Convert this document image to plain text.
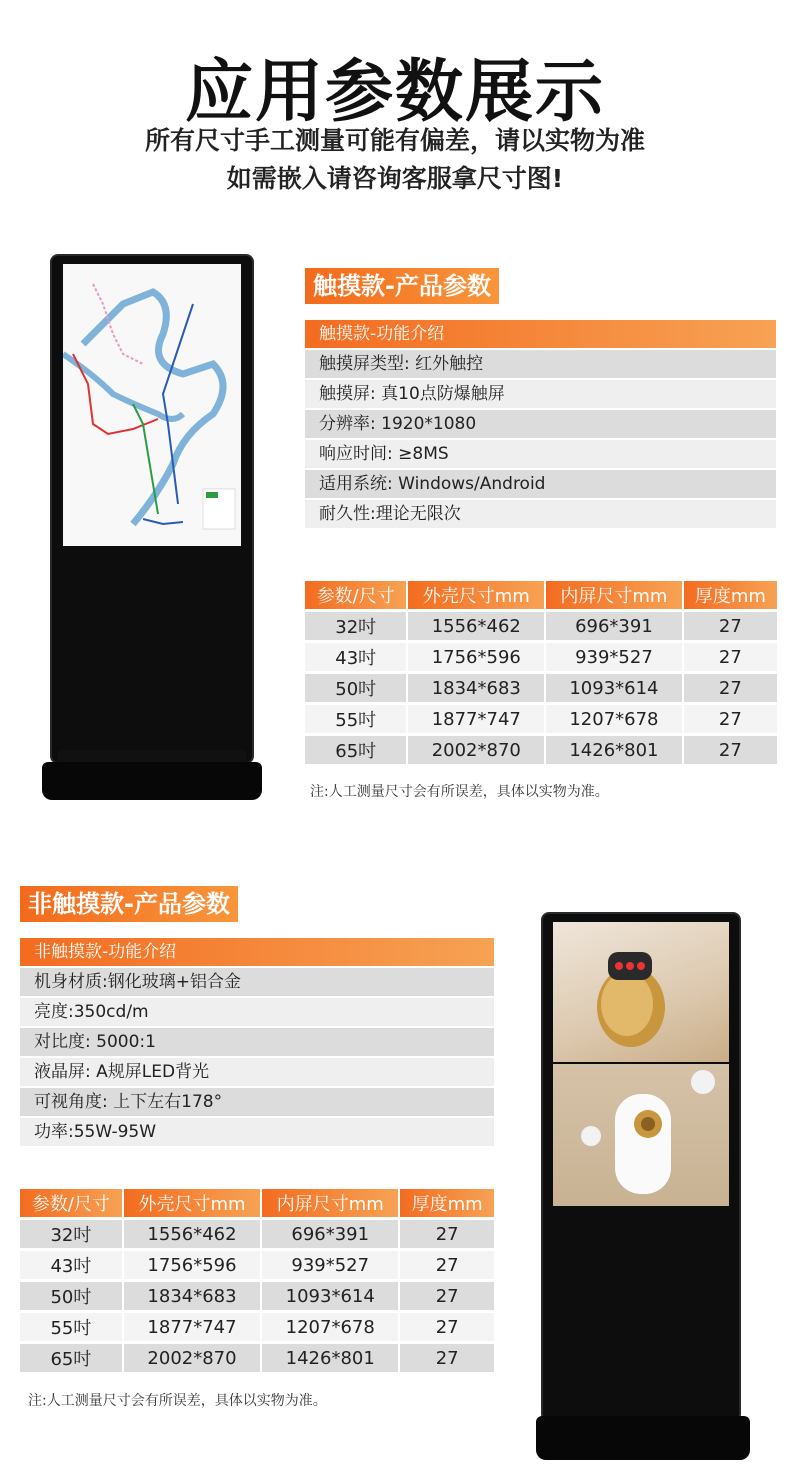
应用参数展示
所有尺寸手工测量可能有偏差，请以实物为准
如需嵌入请咨询客服拿尺寸图!
触摸款-产品参数
触摸款-功能介绍
触摸屏类型: 红外触控
触摸屏: 真10点防爆触屏
分辨率: 1920*1080
响应时间: ≥8MS
适用系统: Windows/Android
耐久性:理论无限次
参数/尺寸	外壳尺寸mm	内屏尺寸mm	厚度mm
32吋	1556*462	696*391	27
43吋	1756*596	939*527	27
50吋	1834*683	1093*614	27
55吋	1877*747	1207*678	27
65吋	2002*870	1426*801	27
注:人工测量尺寸会有所误差，具体以实物为准。
非触摸款-产品参数
非触摸款-功能介绍
机身材质:钢化玻璃+铝合金
亮度:350cd/m
对比度: 5000:1
液晶屏: A规屏LED背光
可视角度: 上下左右178°
功率:55W-95W
参数/尺寸	外壳尺寸mm	内屏尺寸mm	厚度mm
32吋	1556*462	696*391	27
43吋	1756*596	939*527	27
50吋	1834*683	1093*614	27
55吋	1877*747	1207*678	27
65吋	2002*870	1426*801	27
注:人工测量尺寸会有所误差，具体以实物为准。
